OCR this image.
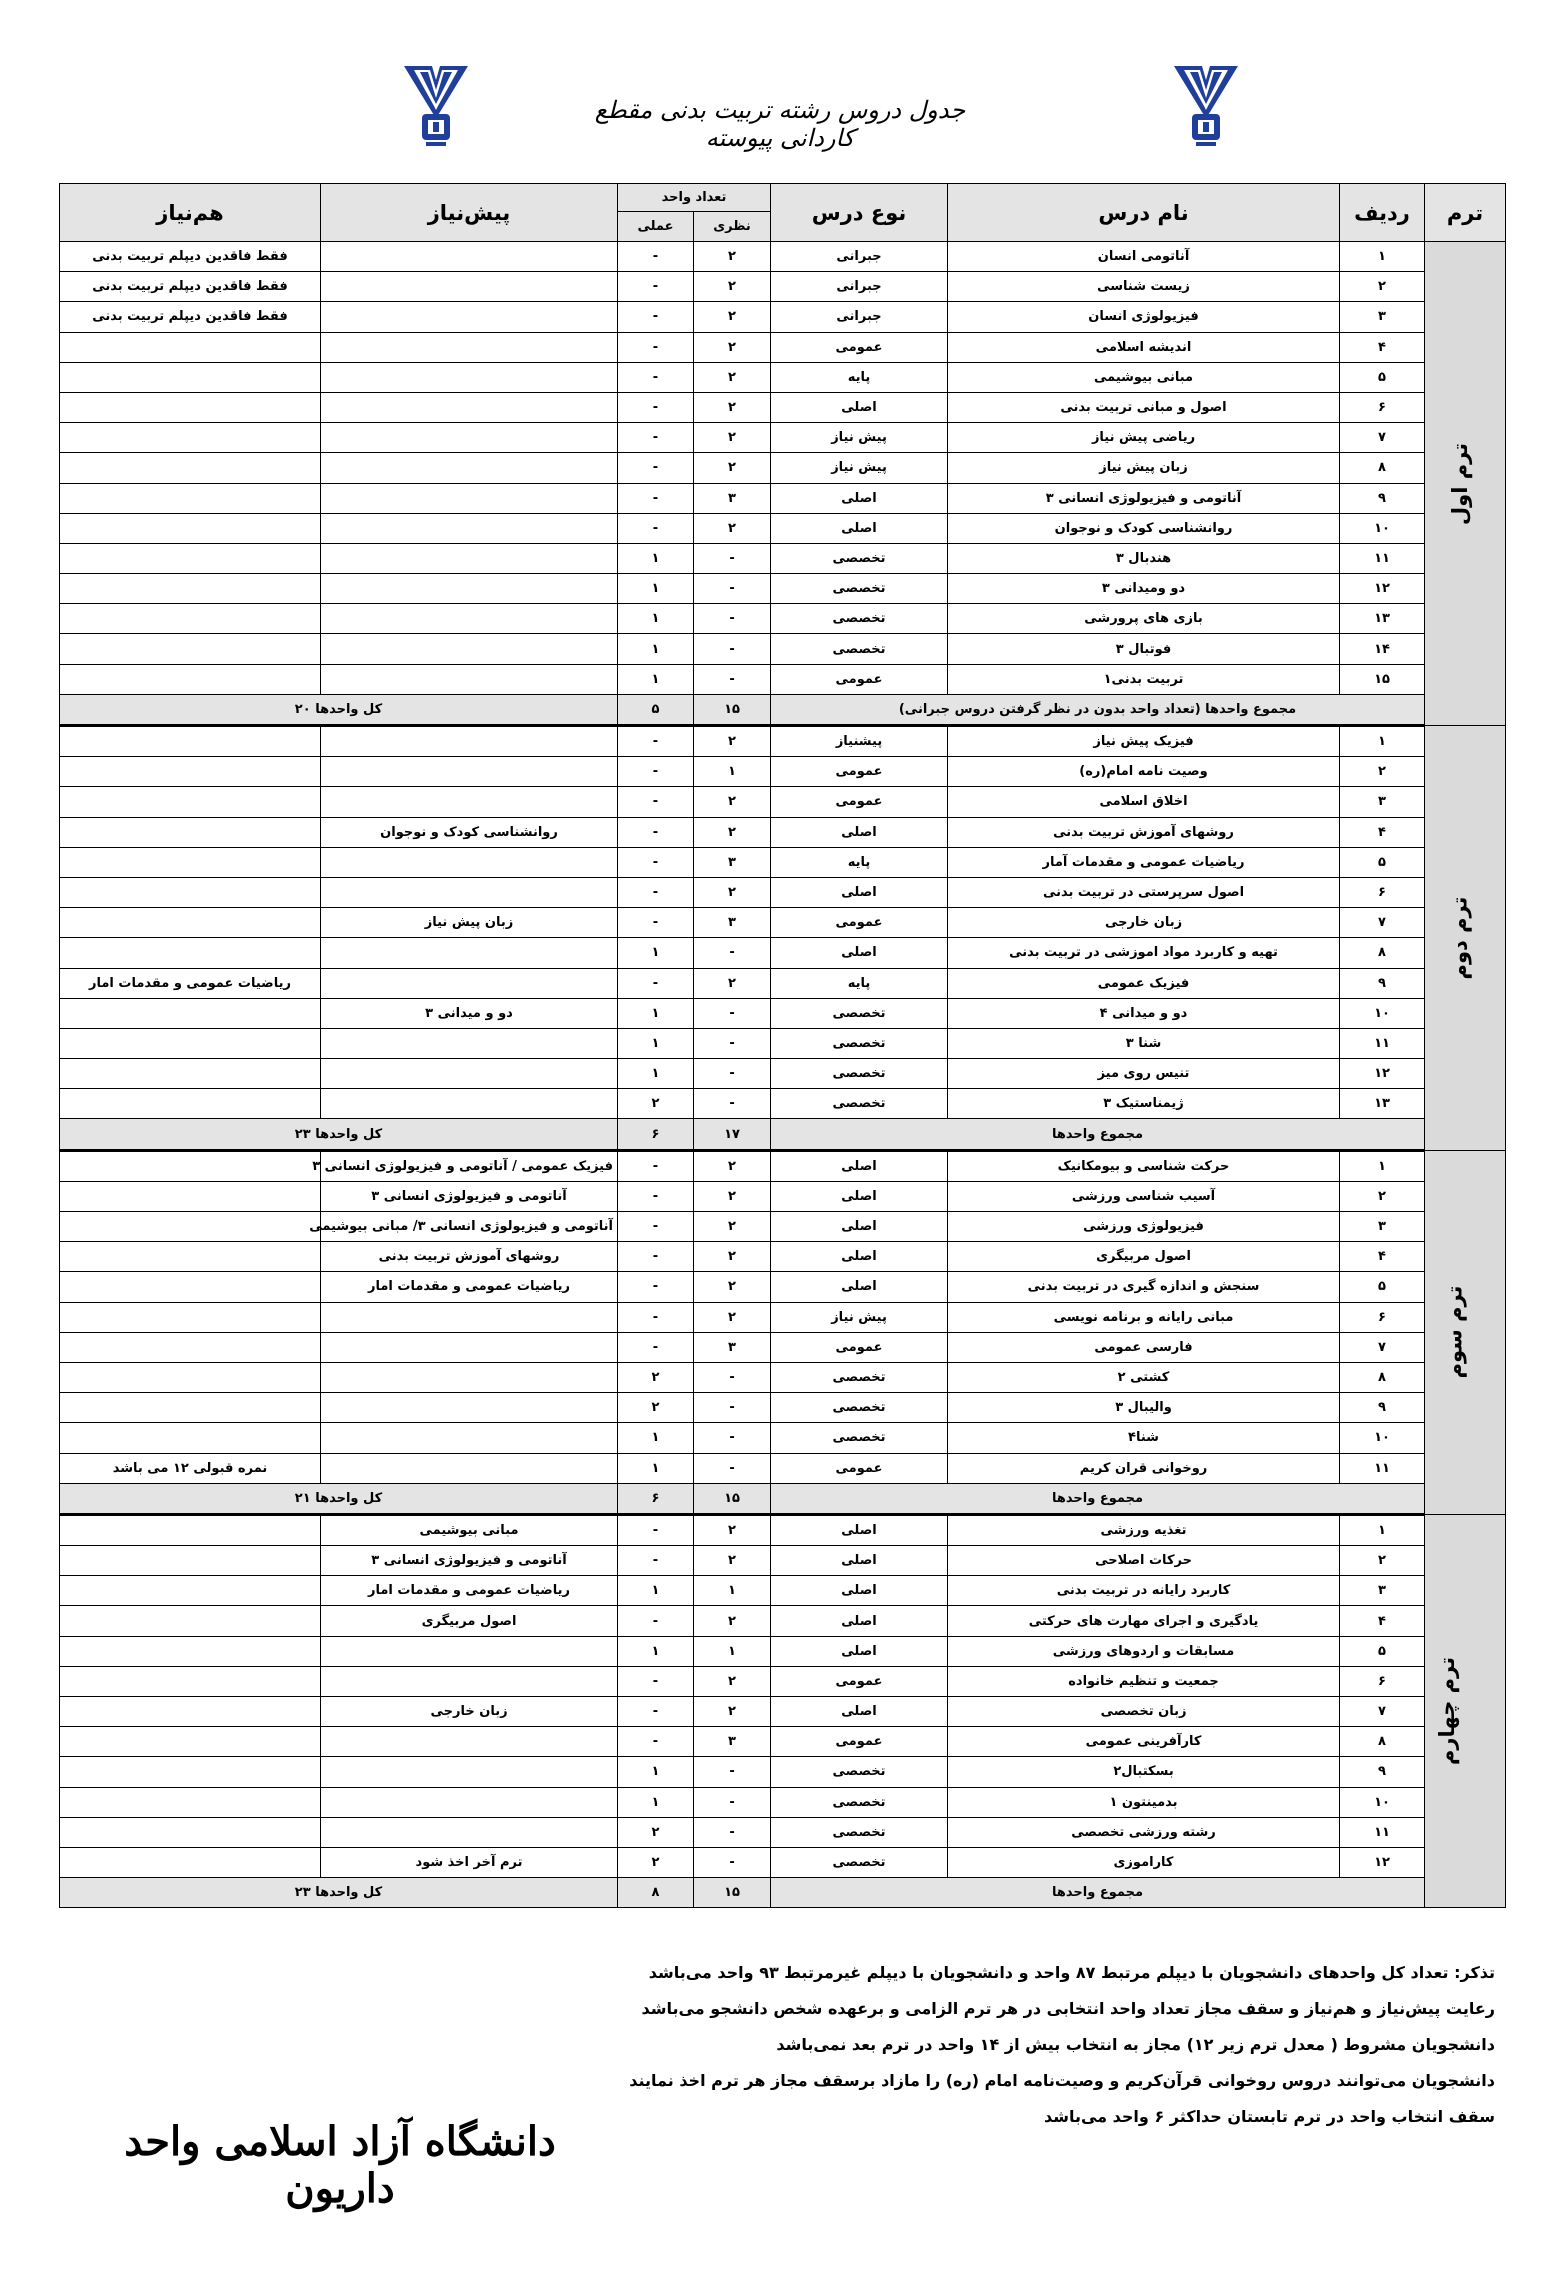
جدول دروس رشته تربیت بدنی مقطع کاردانی پیوسته
ترم	ردیف	نام درس	نوع درس	تعداد واحد		پیش‌نیاز	هم‌نیاز
				نظری	عملی		
ترم اول	۱	آناتومی انسان	جبرانی	۲	-		فقط فاقدین دیپلم تربیت بدنی
	۲	زیست شناسی	جبرانی	۲	-		فقط فاقدین دیپلم تربیت بدنی
	۳	فیزیولوژی انسان	جبرانی	۲	-		فقط فاقدین دیپلم تربیت بدنی
	۴	اندیشه اسلامی	عمومی	۲	-		
	۵	مبانی بیوشیمی	پایه	۲	-		
	۶	اصول و مبانی تربیت بدنی	اصلی	۲	-		
	۷	ریاضی پیش نیاز	پیش نیاز	۲	-		
	۸	زبان پیش نیاز	پیش نیاز	۲	-		
	۹	آناتومی و فیزیولوژی انسانی ۳	اصلی	۳	-		
	۱۰	روانشناسی کودک و نوجوان	اصلی	۲	-		
	۱۱	هندبال ۳	تخصصی	-	۱		
	۱۲	دو ومیدانی ۳	تخصصی	-	۱		
	۱۳	بازی های پرورشی	تخصصی	-	۱		
	۱۴	فوتبال ۳	تخصصی	-	۱		
	۱۵	تربیت بدنی۱	عمومی	-	۱		
	مجموع واحدها (تعداد واحد بدون در نظر گرفتن دروس جبرانی)			۱۵	۵	کل واحدها ۲۰	
ترم دوم	۱	فیزیک پیش نیاز	پیشنیاز	۲	-		
	۲	وصیت نامه امام(ره)	عمومی	۱	-		
	۳	اخلاق اسلامی	عمومی	۲	-		
	۴	روشهای آموزش تربیت بدنی	اصلی	۲	-	روانشناسی کودک و نوجوان	
	۵	ریاضیات عمومی و مقدمات آمار	پایه	۳	-		
	۶	اصول سرپرستی در تربیت بدنی	اصلی	۲	-		
	۷	زبان خارجی	عمومی	۳	-	زبان پیش نیاز	
	۸	تهیه و کاربرد مواد اموزشی در تربیت بدنی	اصلی	-	۱		
	۹	فیزیک عمومی	پایه	۲	-		ریاضیات عمومی و مقدمات امار
	۱۰	دو و میدانی ۴	تخصصی	-	۱	دو و میدانی ۳	
	۱۱	شنا ۳	تخصصی	-	۱		
	۱۲	تنیس روی میز	تخصصی	-	۱		
	۱۳	ژیمناستیک ۳	تخصصی	-	۲		
	مجموع واحدها			۱۷	۶	کل واحدها ۲۳	
ترم سوم	۱	حرکت شناسی و بیومکانیک	اصلی	۲	-	فیزیک عمومی / آناتومی و فیزیولوژی انسانی ۳	
	۲	آسیب شناسی ورزشی	اصلی	۲	-	آناتومی و فیزیولوژی انسانی ۳	
	۳	فیزیولوژی ورزشی	اصلی	۲	-	آناتومی و فیزیولوژی انسانی ۳/ مبانی بیوشیمی	
	۴	اصول مربیگری	اصلی	۲	-	روشهای آموزش تربیت بدنی	
	۵	سنجش و اندازه گیری در تربیت بدنی	اصلی	۲	-	ریاضیات عمومی و مقدمات امار	
	۶	مبانی رایانه و برنامه نویسی	پیش نیاز	۲	-		
	۷	فارسی عمومی	عمومی	۳	-		
	۸	کشتی ۲	تخصصی	-	۲		
	۹	والیبال ۳	تخصصی	-	۲		
	۱۰	شنا۴	تخصصی	-	۱		
	۱۱	روخوانی قران کریم	عمومی	-	۱		نمره قبولی ۱۲ می باشد
	مجموع واحدها			۱۵	۶	کل واحدها ۲۱	
ترم چهارم	۱	تغذیه ورزشی	اصلی	۲	-	مبانی بیوشیمی	
	۲	حرکات اصلاحی	اصلی	۲	-	آناتومی و فیزیولوژی انسانی ۳	
	۳	کاربرد رایانه در تربیت بدنی	اصلی	۱	۱	ریاضیات عمومی و مقدمات امار	
	۴	یادگیری و اجرای مهارت های حرکتی	اصلی	۲	-	اصول مربیگری	
	۵	مسابقات و اردوهای ورزشی	اصلی	۱	۱		
	۶	جمعیت و تنظیم خانواده	عمومی	۲	-		
	۷	زبان تخصصی	اصلی	۲	-	زبان خارجی	
	۸	کارآفرینی عمومی	عمومی	۳	-		
	۹	بسکتبال۲	تخصصی	-	۱		
	۱۰	بدمینتون ۱	تخصصی	-	۱		
	۱۱	رشته ورزشی تخصصی	تخصصی	-	۲		
	۱۲	کاراموزی	تخصصی	-	۲	ترم آخر اخذ شود	
	مجموع واحدها			۱۵	۸	کل واحدها ۲۳	
تذکر: تعداد کل واحدهای دانشجویان با دیپلم مرتبط ۸۷ واحد و دانشجویان با دیپلم غیرمرتبط ۹۳ واحد می‌باشد
رعایت پیش‌نیاز و هم‌نیاز و سقف مجاز تعداد واحد انتخابی در هر ترم الزامی و برعهده شخص دانشجو می‌باشد
دانشجویان مشروط ( معدل ترم زیر ۱۲) مجاز به انتخاب بیش از ۱۴ واحد در ترم بعد نمی‌باشد
دانشجویان می‌توانند دروس روخوانی قرآن‌کریم و وصیت‌نامه امام (ره) را مازاد برسقف مجاز هر ترم اخذ نمایند
سقف انتخاب واحد در ترم تابستان حداکثر ۶ واحد می‌باشد
دانشگاه آزاد اسلامی واحد داریون
